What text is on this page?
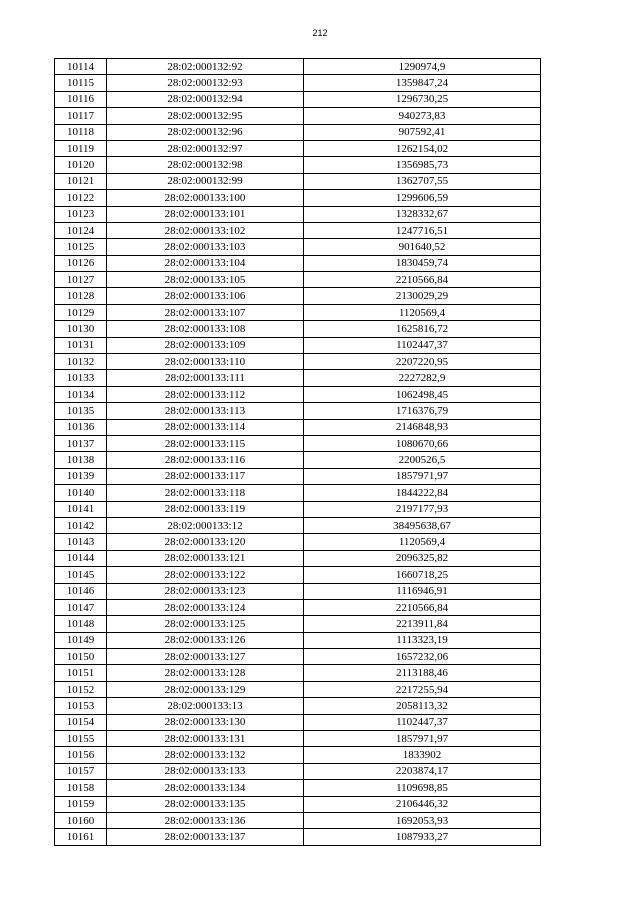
212
10114	28:02:000132:92	1290974,9
10115	28:02:000132:93	1359847,24
10116	28:02:000132:94	1296730,25
10117	28:02:000132:95	940273,83
10118	28:02:000132:96	907592,41
10119	28:02:000132:97	1262154,02
10120	28:02:000132:98	1356985,73
10121	28:02:000132:99	1362707,55
10122	28:02:000133:100	1299606,59
10123	28:02:000133:101	1328332,67
10124	28:02:000133:102	1247716,51
10125	28:02:000133:103	901640,52
10126	28:02:000133:104	1830459,74
10127	28:02:000133:105	2210566,84
10128	28:02:000133:106	2130029,29
10129	28:02:000133:107	1120569,4
10130	28:02:000133:108	1625816,72
10131	28:02:000133:109	1102447,37
10132	28:02:000133:110	2207220,95
10133	28:02:000133:111	2227282,9
10134	28:02:000133:112	1062498,45
10135	28:02:000133:113	1716376,79
10136	28:02:000133:114	2146848,93
10137	28:02:000133:115	1080670,66
10138	28:02:000133:116	2200526,5
10139	28:02:000133:117	1857971,97
10140	28:02:000133:118	1844222,84
10141	28:02:000133:119	2197177,93
10142	28:02:000133:12	38495638,67
10143	28:02:000133:120	1120569,4
10144	28:02:000133:121	2096325,82
10145	28:02:000133:122	1660718,25
10146	28:02:000133:123	1116946,91
10147	28:02:000133:124	2210566,84
10148	28:02:000133:125	2213911,84
10149	28:02:000133:126	1113323,19
10150	28:02:000133:127	1657232,06
10151	28:02:000133:128	2113188,46
10152	28:02:000133:129	2217255,94
10153	28:02:000133:13	2058113,32
10154	28:02:000133:130	1102447,37
10155	28:02:000133:131	1857971,97
10156	28:02:000133:132	1833902
10157	28:02:000133:133	2203874,17
10158	28:02:000133:134	1109698,85
10159	28:02:000133:135	2106446,32
10160	28:02:000133:136	1692053,93
10161	28:02:000133:137	1087933,27
